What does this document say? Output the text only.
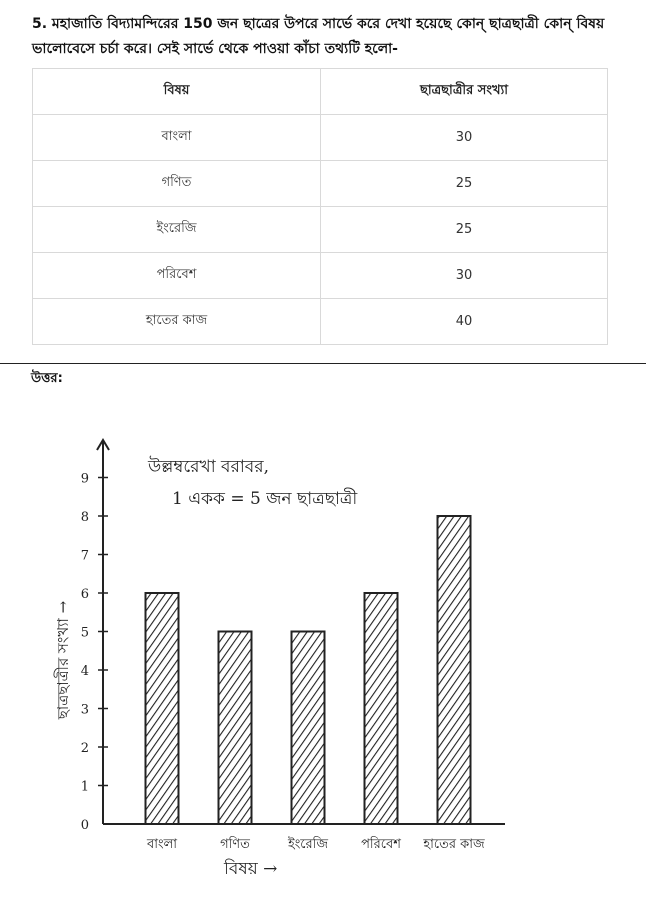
5. মহাজাতি বিদ্যামন্দিরের 150 জন ছাত্রের উপরে সার্ভে করে দেখা হয়েছে কোন্ ছাত্রছাত্রী কোন্ বিষয় ভালোবেসে চর্চা করে। সেই সার্ভে থেকে পাওয়া কাঁচা তথ্যটি হলো-
বিষয়	ছাত্রছাত্রীর সংখ্যা
বাংলা	30
গণিত	25
ইংরেজি	25
পরিবেশ	30
হাতের কাজ	40
উত্তর:
0
1
2
3
4
5
6
7
8
9
বাংলা	গণিত	ইংরেজি	পরিবেশ হাতের কাজ
ছাত্রছাত্রীর সংখ্যা →
বিষয় →
উল্লম্বরেখা বরাবর,
1 একক = 5 জন ছাত্রছাত্রী
